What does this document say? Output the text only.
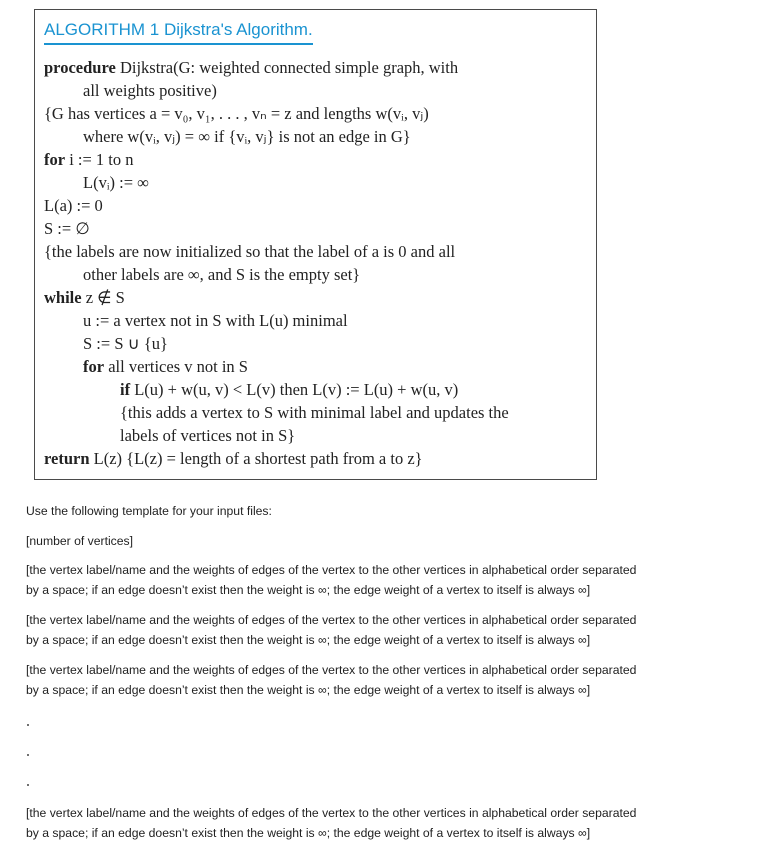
ALGORITHM 1 Dijkstra's Algorithm.
procedure Dijkstra(G: weighted connected simple graph, with
all weights positive)
{G has vertices a = v₀, v₁, . . . , vₙ = z and lengths w(vᵢ, vⱼ)
where w(vᵢ, vⱼ) = ∞ if {vᵢ, vⱼ} is not an edge in G}
for i := 1 to n
L(vᵢ) := ∞
L(a) := 0
S := ∅
{the labels are now initialized so that the label of a is 0 and all
other labels are ∞, and S is the empty set}
while z ∉ S
u := a vertex not in S with L(u) minimal
S := S ∪ {u}
for all vertices v not in S
if L(u) + w(u, v) < L(v) then L(v) := L(u) + w(u, v)
{this adds a vertex to S with minimal label and updates the
labels of vertices not in S}
return L(z) {L(z) = length of a shortest path from a to z}
Use the following template for your input files:
[number of vertices]
[the vertex label/name and the weights of edges of the vertex to the other vertices in alphabetical order separated
by a space; if an edge doesn’t exist then the weight is ∞; the edge weight of a vertex to itself is always ∞]
[the vertex label/name and the weights of edges of the vertex to the other vertices in alphabetical order separated
by a space; if an edge doesn’t exist then the weight is ∞; the edge weight of a vertex to itself is always ∞]
[the vertex label/name and the weights of edges of the vertex to the other vertices in alphabetical order separated
by a space; if an edge doesn’t exist then the weight is ∞; the edge weight of a vertex to itself is always ∞]
[the vertex label/name and the weights of edges of the vertex to the other vertices in alphabetical order separated
by a space; if an edge doesn’t exist then the weight is ∞; the edge weight of a vertex to itself is always ∞]
